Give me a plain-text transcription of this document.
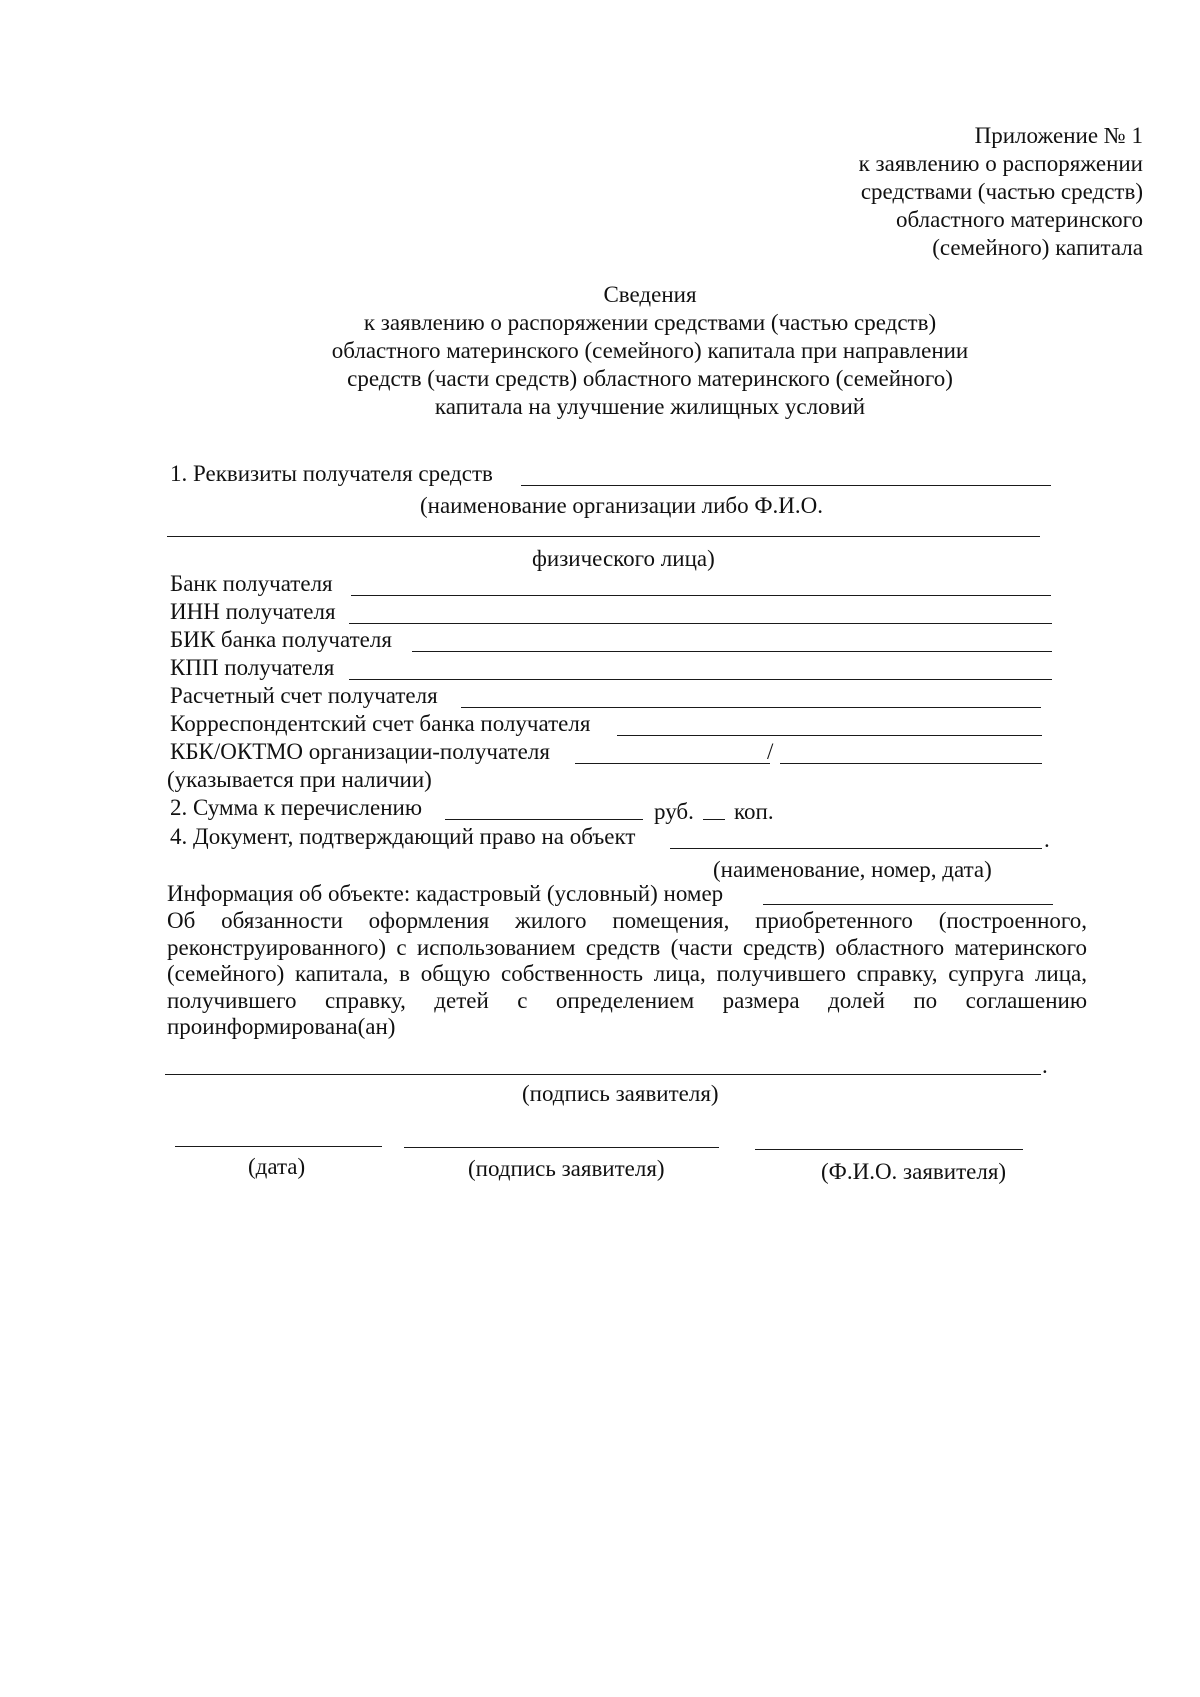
Приложение № 1
к заявлению о распоряжении
средствами (частью средств)
областного материнского
(семейного) капитала
Сведения
к заявлению о распоряжении средствами (частью средств)
областного материнского (семейного) капитала при направлении
средств (части средств) областного материнского (семейного)
капитала на улучшение жилищных условий
1. Реквизиты получателя средств
(наименование организации либо Ф.И.О.
физического лица)
Банк получателя
ИНН получателя
БИК банка получателя
КПП получателя
Расчетный счет получателя
Корреспондентский счет банка получателя
КБК/ОКТМО организации-получателя	/
(указывается при наличии)
2. Сумма к перечислению	руб. коп.
4. Документ, подтверждающий право на объект	.
(наименование, номер, дата)
Информация об объекте: кадастровый (условный) номер
Об обязанности оформления жилого помещения, приобретенного (построенного, реконструированного) с использованием средств (части средств) областного материнского (семейного) капитала, в общую собственность лица, получившего справку, супруга лица, получившего справку, детей с определением размера долей по соглашению проинформирована(ан)
.
(подпись заявителя)
(дата)	(подпись заявителя)	(Ф.И.О. заявителя)
